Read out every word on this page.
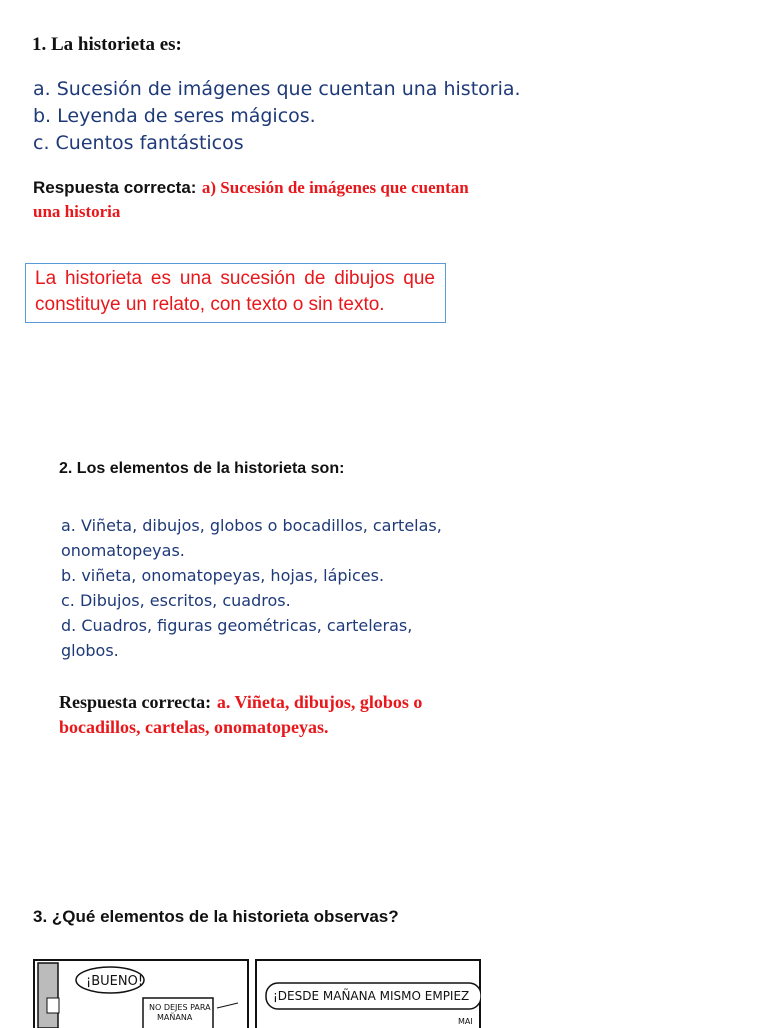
1. La historieta es:
a. Sucesión de imágenes que cuentan una historia.
b. Leyenda de seres mágicos.
c. Cuentos fantásticos
Respuesta correcta: a) Sucesión de imágenes que cuentan una historia
La historieta es una sucesión de dibujos que constituye un relato, con texto o sin texto.
2. Los elementos de la historieta son:
a. Viñeta, dibujos, globos o bocadillos, cartelas, onomatopeyas.
b. viñeta, onomatopeyas, hojas, lápices.
c. Dibujos, escritos, cuadros.
d. Cuadros, figuras geométricas, carteleras, globos.
Respuesta correcta: a. Viñeta, dibujos, globos o bocadillos, cartelas, onomatopeyas.
3. ¿Qué elementos de la historieta observas?
¡BUENO!
NO DEJES PARA
MAÑANA
¡DESDE MAÑANA MISMO EMPIEZ
MAI
